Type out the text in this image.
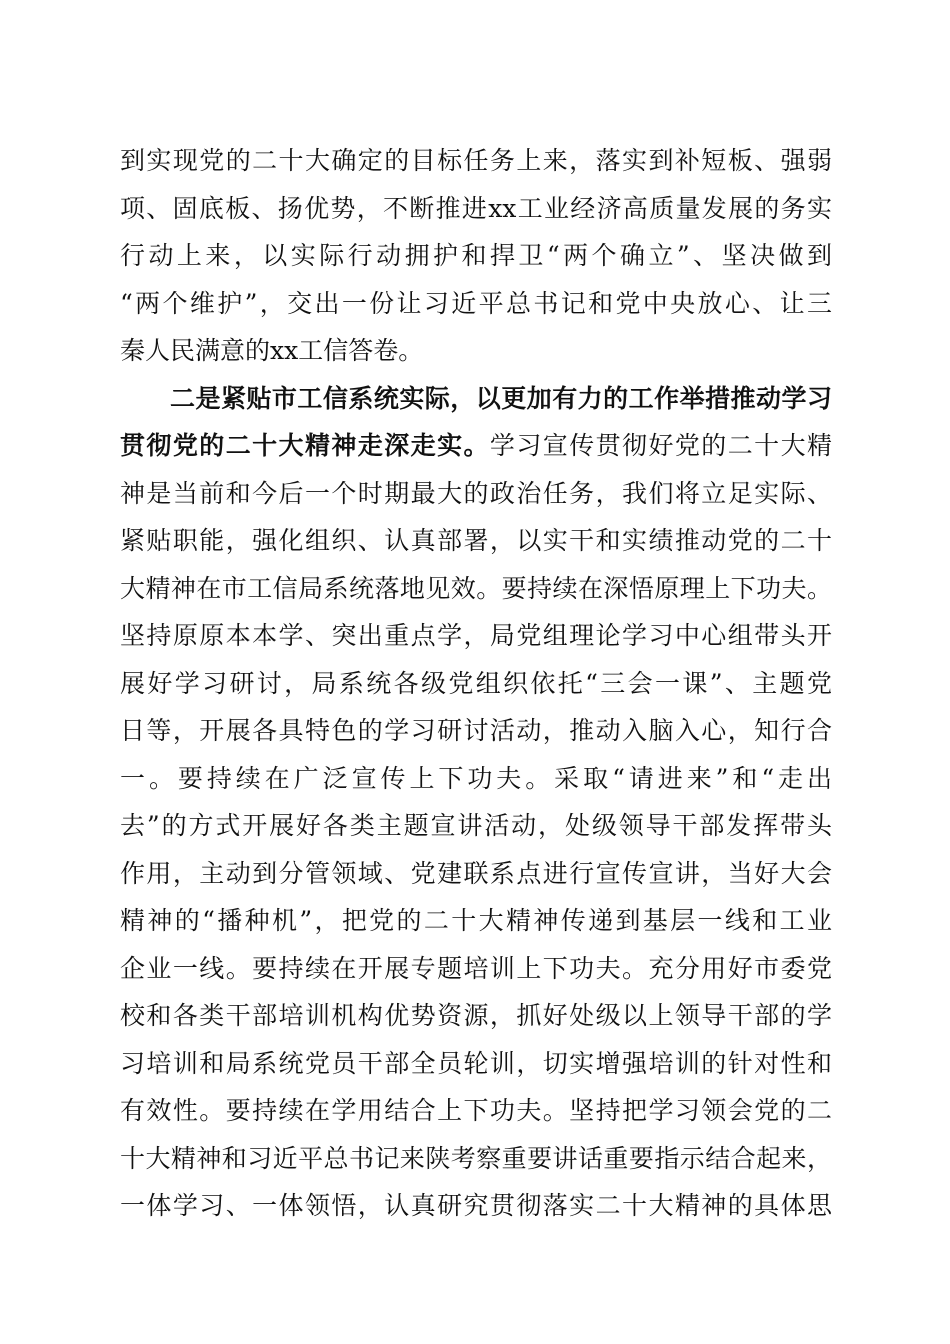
到实现党的二十大确定的目标任务上来，落实到补短板、强弱

项、固底板、扬优势，不断推进xx工业经济高质量发展的务实

行动上来，以实际行动拥护和捍卫“两个确立”、坚决做到

“两个维护”，交出一份让习近平总书记和党中央放心、让三

秦人民满意的xx工信答卷。

二是紧贴市工信系统实际，以更加有力的工作举措推动学习

贯彻党的二十大精神走深走实。学习宣传贯彻好党的二十大精

神是当前和今后一个时期最大的政治任务，我们将立足实际、

紧贴职能，强化组织、认真部署，以实干和实绩推动党的二十

大精神在市工信局系统落地见效。要持续在深悟原理上下功夫。

坚持原原本本学、突出重点学，局党组理论学习中心组带头开

展好学习研讨，局系统各级党组织依托“三会一课”、主题党

日等，开展各具特色的学习研讨活动，推动入脑入心，知行合

一。要持续在广泛宣传上下功夫。采取“请进来”和“走出

去”的方式开展好各类主题宣讲活动，处级领导干部发挥带头

作用，主动到分管领域、党建联系点进行宣传宣讲，当好大会

精神的“播种机”，把党的二十大精神传递到基层一线和工业

企业一线。要持续在开展专题培训上下功夫。充分用好市委党

校和各类干部培训机构优势资源，抓好处级以上领导干部的学

习培训和局系统党员干部全员轮训，切实增强培训的针对性和

有效性。要持续在学用结合上下功夫。坚持把学习领会党的二

十大精神和习近平总书记来陕考察重要讲话重要指示结合起来，

一体学习、一体领悟，认真研究贯彻落实二十大精神的具体思
